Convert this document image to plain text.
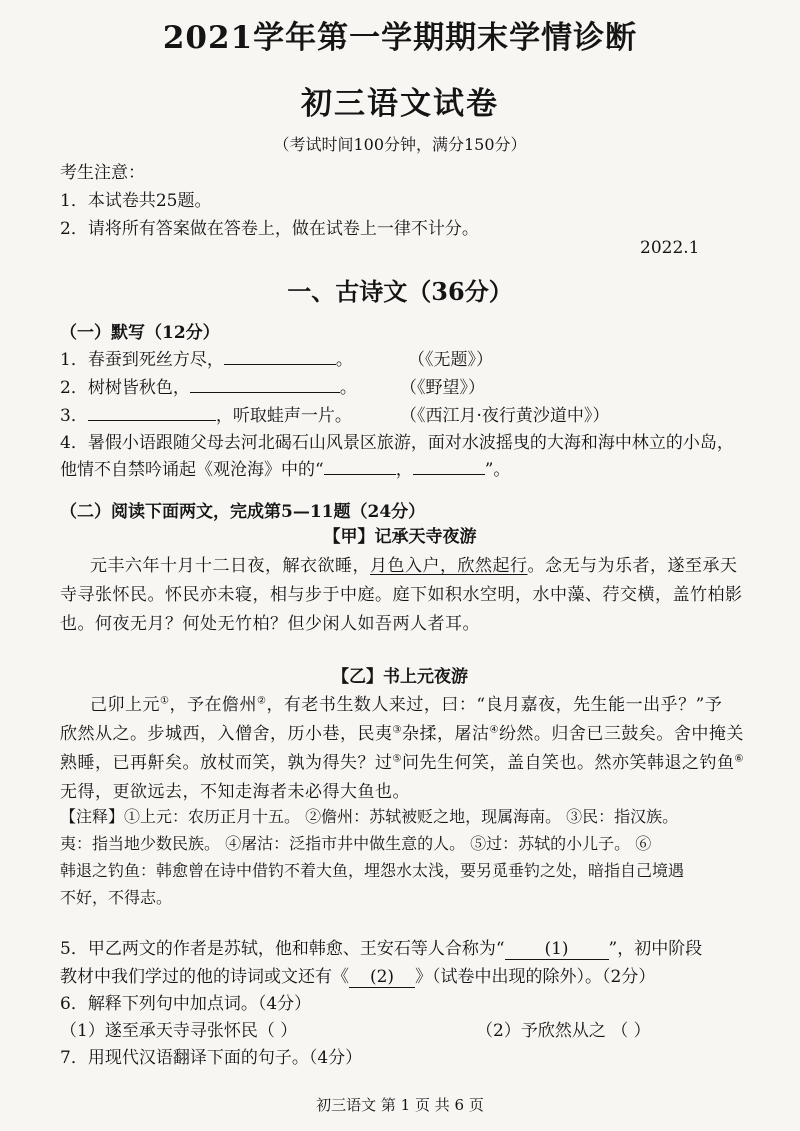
2021学年第一学期期末学情诊断
初三语文试卷
（考试时间100分钟，满分150分）
考生注意：
1．本试卷共25题。
2．请将所有答案做在答卷上，做在试卷上一律不计分。
2022.1
一、古诗文（36分）
（一）默写（12分）
1．春蚕到死丝方尽，	。	（《无题》）
2．树树皆秋色，	。	（《野望》）
3．	，听取蛙声一片。	（《西江月·夜行黄沙道中》）
4．暑假小语跟随父母去河北碣石山风景区旅游，面对水波摇曳的大海和海中林立的小岛，
他情不自禁吟诵起《观沧海》中的“	，	”。
（二）阅读下面两文，完成第5—11题（24分）
【甲】记承天寺夜游
元丰六年十月十二日夜，解衣欲睡，月色入户，欣然起行。念无与为乐者，遂至承天
寺寻张怀民。怀民亦未寝，相与步于中庭。庭下如积水空明，水中藻、荇交横，盖竹柏影
也。何夜无月？何处无竹柏？但少闲人如吾两人者耳。
【乙】书上元夜游
己卯上元①，予在儋州②，有老书生数人来过，曰：“良月嘉夜，先生能一出乎？”予
欣然从之。步城西，入僧舍，历小巷，民夷③杂揉，屠沽④纷然。归舍已三鼓矣。舍中掩关
熟睡，已再鼾矣。放杖而笑，孰为得失？过⑤问先生何笑，盖自笑也。然亦笑韩退之钓鱼⑥
无得，更欲远去，不知走海者未必得大鱼也。
【注释】①上元：农历正月十五。 ②儋州：苏轼被贬之地，现属海南。 ③民：指汉族。
夷：指当地少数民族。 ④屠沽：泛指市井中做生意的人。 ⑤过：苏轼的小儿子。 ⑥
韩退之钓鱼：韩愈曾在诗中借钓不着大鱼，埋怨水太浅，要另觅垂钓之处，暗指自己境遇
不好，不得志。
5．甲乙两文的作者是苏轼，他和韩愈、王安石等人合称为“ (1) ”，初中阶段
教材中我们学过的他的诗词或文还有《 (2) 》（试卷中出现的除外）。（2分）
6．解释下列句中加点词。（4分）
（1）遂至承天寺寻张怀民（ ）	（2）予欣然从之 （ ）
7．用现代汉语翻译下面的句子。（4分）
初三语文 第 1 页 共 6 页
